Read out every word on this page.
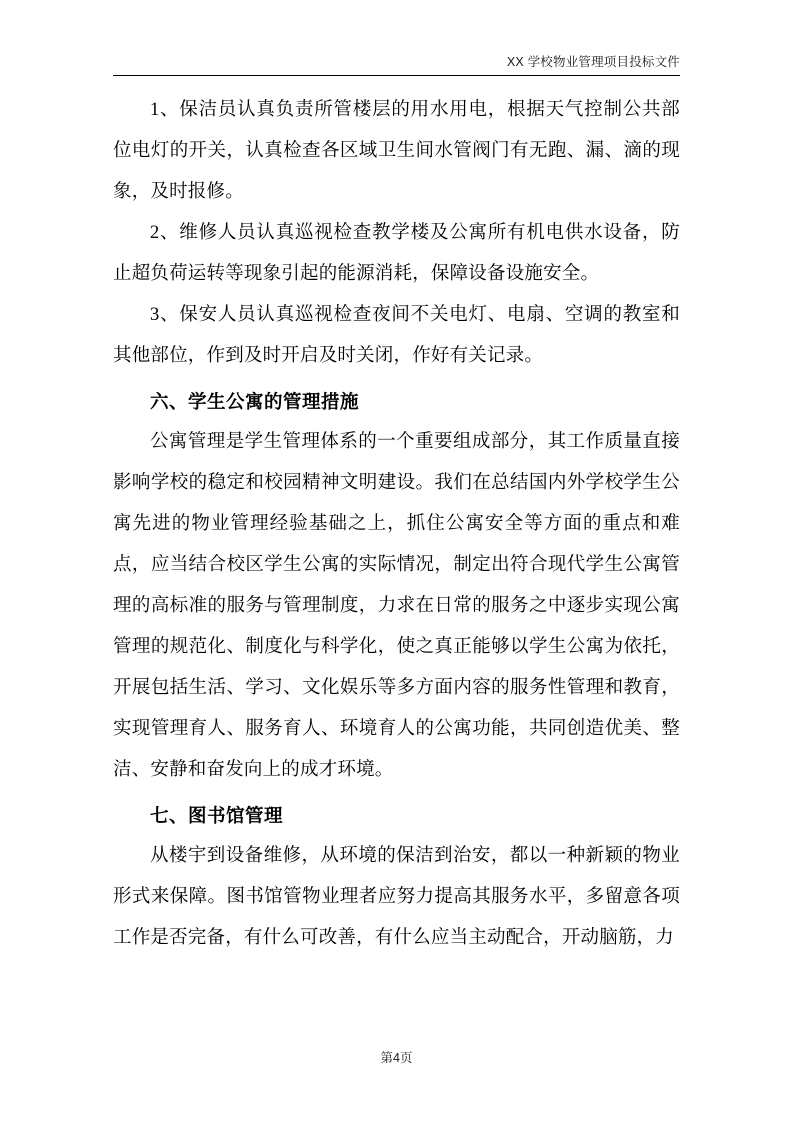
XX 学校物业管理项目投标文件

1、保洁员认真负责所管楼层的用水用电，根据天气控制公共部位电灯的开关，认真检查各区域卫生间水管阀门有无跑、漏、滴的现象，及时报修。

2、维修人员认真巡视检查教学楼及公寓所有机电供水设备，防止超负荷运转等现象引起的能源消耗，保障设备设施安全。

3、保安人员认真巡视检查夜间不关电灯、电扇、空调的教室和其他部位，作到及时开启及时关闭，作好有关记录。

六、学生公寓的管理措施

公寓管理是学生管理体系的一个重要组成部分，其工作质量直接影响学校的稳定和校园精神文明建设。我们在总结国内外学校学生公寓先进的物业管理经验基础之上，抓住公寓安全等方面的重点和难点，应当结合校区学生公寓的实际情况，制定出符合现代学生公寓管理的高标准的服务与管理制度，力求在日常的服务之中逐步实现公寓管理的规范化、制度化与科学化，使之真正能够以学生公寓为依托，开展包括生活、学习、文化娱乐等多方面内容的服务性管理和教育，实现管理育人、服务育人、环境育人的公寓功能，共同创造优美、整洁、安静和奋发向上的成才环境。

七、图书馆管理

从楼宇到设备维修，从环境的保洁到治安，都以一种新颖的物业形式来保障。图书馆管物业理者应努力提高其服务水平，多留意各项工作是否完备，有什么可改善，有什么应当主动配合，开动脑筋，力

第4页
